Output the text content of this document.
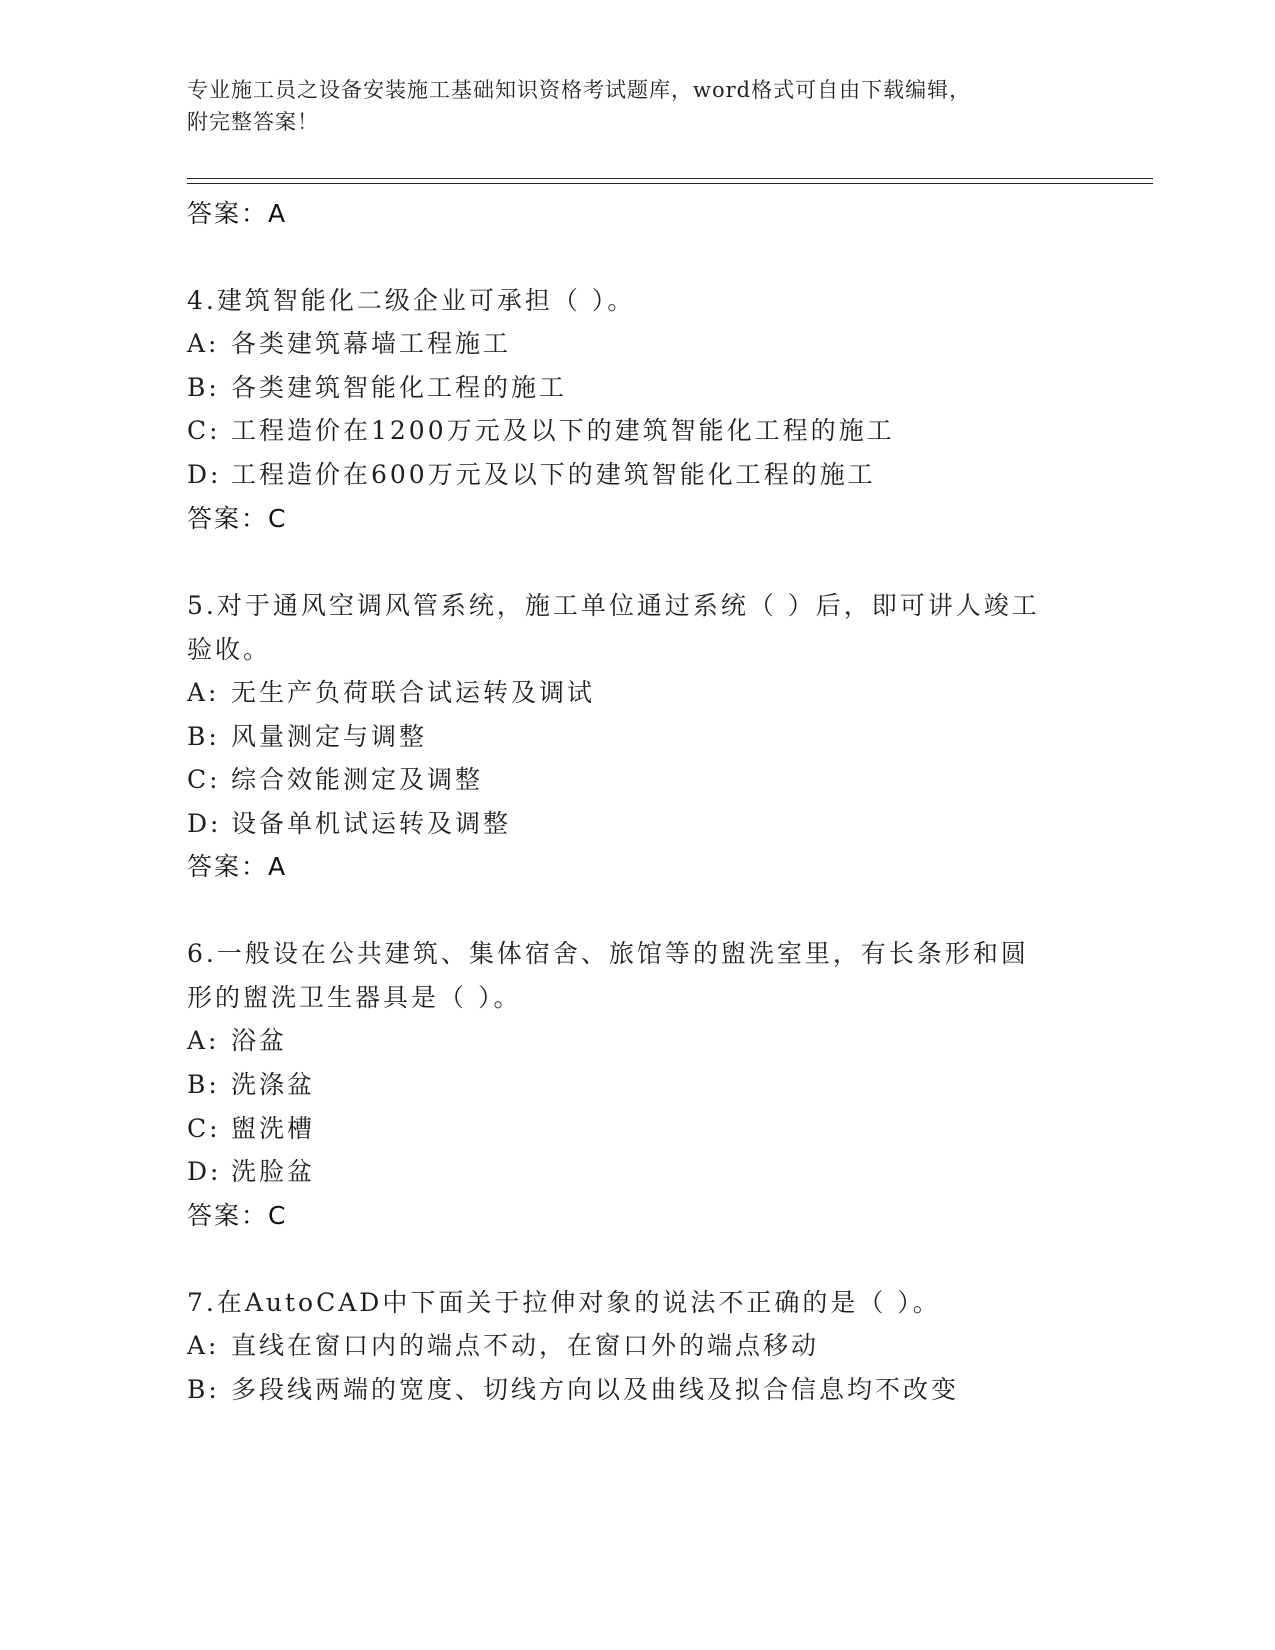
专业施工员之设备安装施工基础知识资格考试题库，word格式可自由下载编辑，
附完整答案！
答案：A
4.建筑智能化二级企业可承担（ ）。
A: 各类建筑幕墙工程施工
B: 各类建筑智能化工程的施工
C: 工程造价在1200万元及以下的建筑智能化工程的施工
D: 工程造价在600万元及以下的建筑智能化工程的施工
答案：C
5.对于通风空调风管系统，施工单位通过系统（ ）后，即可讲人竣工
验收。
A: 无生产负荷联合试运转及调试
B: 风量测定与调整
C: 综合效能测定及调整
D: 设备单机试运转及调整
答案：A
6.一般设在公共建筑、集体宿舍、旅馆等的盥洗室里，有长条形和圆
形的盥洗卫生器具是（ ）。
A: 浴盆
B: 洗涤盆
C: 盥洗槽
D: 洗脸盆
答案：C
7.在AutoCAD中下面关于拉伸对象的说法不正确的是（ ）。
A: 直线在窗口内的端点不动，在窗口外的端点移动
B: 多段线两端的宽度、切线方向以及曲线及拟合信息均不改变
